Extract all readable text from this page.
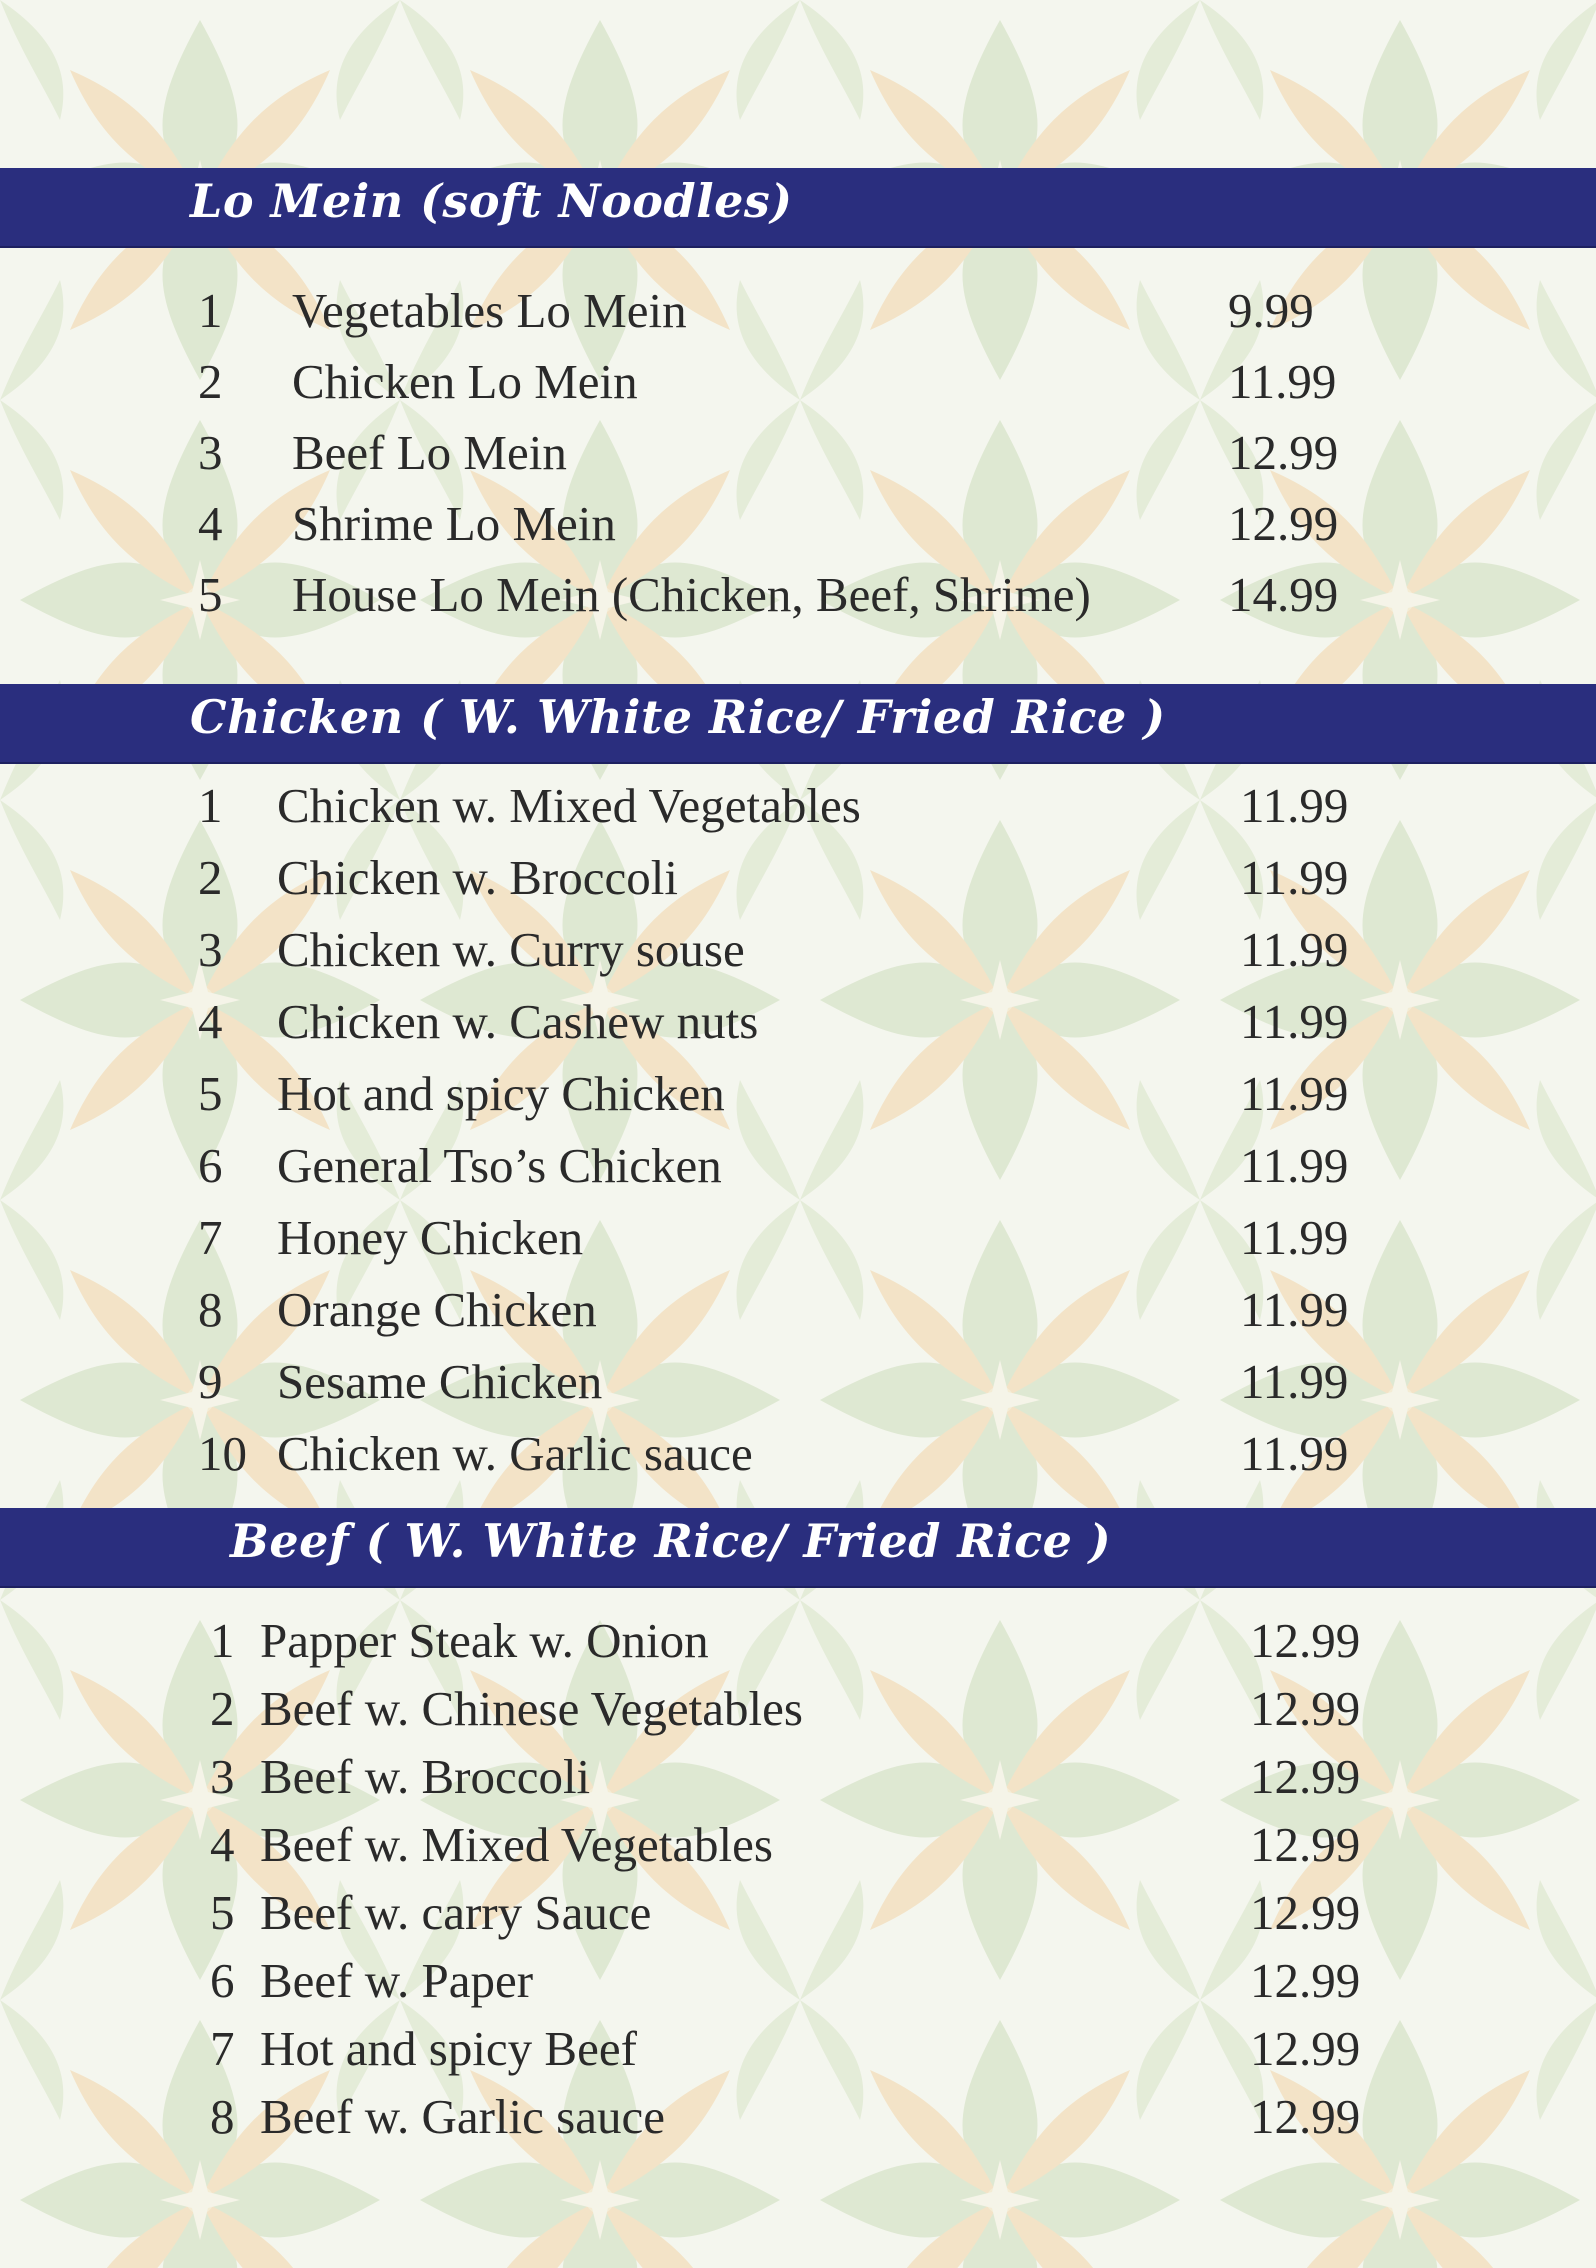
Lo Mein (soft Noodles)
1 Vegetables Lo Mein	9.99
2 Chicken Lo Mein	11.99
3 Beef Lo Mein	12.99
4 Shrime Lo Mein	12.99
5 House Lo Mein (Chicken, Beef, Shrime)	14.99
Chicken ( W. White Rice/ Fried Rice )
1 Chicken w. Mixed Vegetables	11.99
2 Chicken w. Broccoli	11.99
3 Chicken w. Curry souse	11.99
4 Chicken w. Cashew nuts	11.99
5 Hot and spicy Chicken	11.99
6 General Tso’s Chicken	11.99
7 Honey Chicken	11.99
8 Orange Chicken	11.99
9 Sesame Chicken	11.99
10 Chicken w. Garlic sauce	11.99
Beef ( W. White Rice/ Fried Rice )
1 Papper Steak w. Onion	12.99
2 Beef w. Chinese Vegetables	12.99
3 Beef w. Broccoli	12.99
4 Beef w. Mixed Vegetables	12.99
5 Beef w. carry Sauce	12.99
6 Beef w. Paper	12.99
7 Hot and spicy Beef	12.99
8 Beef w. Garlic sauce	12.99
